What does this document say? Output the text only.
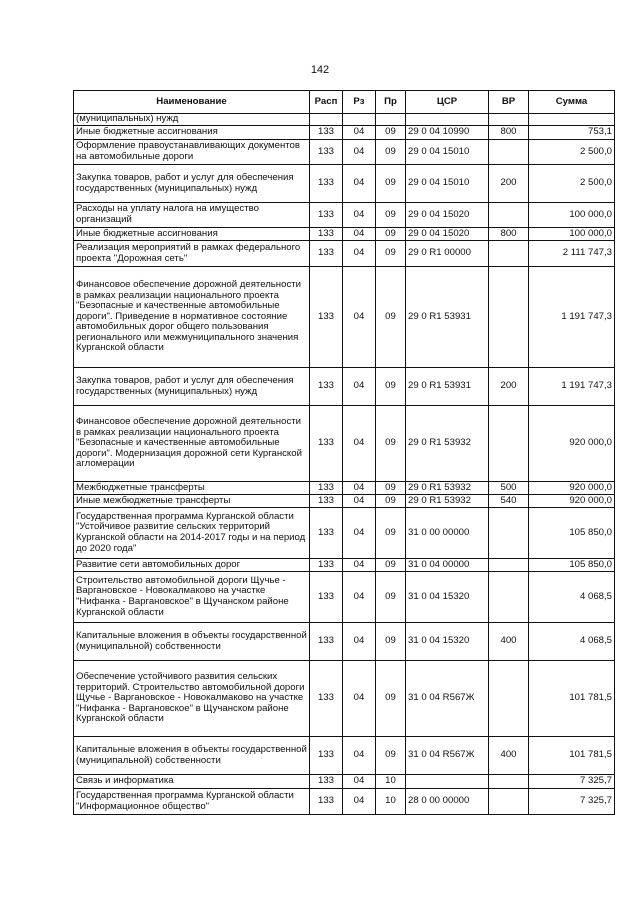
142
Наименование	Расп	Рз	Пр	ЦСР	ВР	Сумма
(муниципальных) нужд						
Иные бюджетные ассигнования	133	04	09	29 0 04 10990	800	753,1
Оформление правоустанавливающих документов на автомобильные дороги	133	04	09	29 0 04 15010		2 500,0
Закупка товаров, работ и услуг для обеспечения государственных (муниципальных) нужд	133	04	09	29 0 04 15010	200	2 500,0
Расходы на уплату налога на имущество организаций	133	04	09	29 0 04 15020		100 000,0
Иные бюджетные ассигнования	133	04	09	29 0 04 15020	800	100 000,0
Реализация мероприятий в рамках федерального проекта "Дорожная сеть"	133	04	09	29 0 R1 00000		2 111 747,3
Финансовое обеспечение дорожной деятельности в рамках реализации национального проекта "Безопасные и качественные автомобильные дороги". Приведение в нормативное состояние автомобильных дорог общего пользования регионального или межмуниципального значения Курганской области	133	04	09	29 0 R1 53931		1 191 747,3
Закупка товаров, работ и услуг для обеспечения государственных (муниципальных) нужд	133	04	09	29 0 R1 53931	200	1 191 747,3
Финансовое обеспечение дорожной деятельности в рамках реализации национального проекта "Безопасные и качественные автомобильные дороги". Модернизация дорожной сети Курганской агломерации	133	04	09	29 0 R1 53932		920 000,0
Межбюджетные трансферты	133	04	09	29 0 R1 53932	500	920 000,0
Иные межбюджетные трансферты	133	04	09	29 0 R1 53932	540	920 000,0
Государственная программа Курганской области "Устойчивое развитие сельских территорий Курганской области на 2014-2017 годы и на период до 2020 года"	133	04	09	31 0 00 00000		105 850,0
Развитие сети автомобильных дорог	133	04	09	31 0 04 00000		105 850,0
Строительство автомобильной дороги Щучье - Варгановское - Новокалмаково на участке "Нифанка - Варгановское" в Щучанском районе Курганской области	133	04	09	31 0 04 15320		4 068,5
Капитальные вложения в объекты государственной (муниципальной) собственности	133	04	09	31 0 04 15320	400	4 068,5
Обеспечение устойчивого развития сельских территорий. Строительство автомобильной дороги Щучье - Варгановское - Новокалмаково на участке "Нифанка - Варгановское" в Щучанском районе Курганской области	133	04	09	31 0 04 R567Ж		101 781,5
Капитальные вложения в объекты государственной (муниципальной) собственности	133	04	09	31 0 04 R567Ж	400	101 781,5
Связь и информатика	133	04	10			7 325,7
Государственная программа Курганской области "Информационное общество"	133	04	10	28 0 00 00000		7 325,7
